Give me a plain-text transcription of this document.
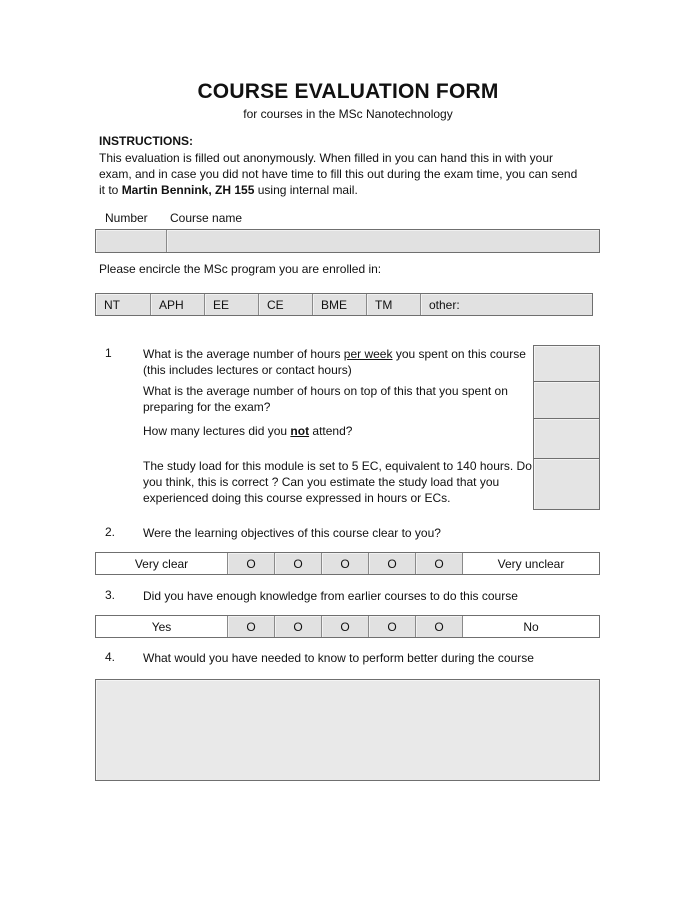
COURSE EVALUATION FORM
for courses in the MSc Nanotechnology
INSTRUCTIONS:

This evaluation is filled out anonymously. When filled in you can hand this in with your exam, and in case you did not have time to fill this out during the exam time, you can send it to Martin Bennink, ZH 155 using internal mail.

Number Course name
Please encircle the MSc program you are enrolled in:
NT	APH	EE	CE	BME	TM	other:
1	What is the average number of hours per week you spent on this course (this includes lectures or contact hours)

What is the average number of hours on top of this that you spent on preparing for the exam?

How many lectures did you not attend?

The study load for this module is set to 5 EC, equivalent to 140 hours. Do you think, this is correct ? Can you estimate the study load that you experienced doing this course expressed in hours or ECs.

2. Were the learning objectives of this course clear to you?

Very clear	O	O	O	O	O	Very unclear
3. Did you have enough knowledge from earlier courses to do this course

Yes	O	O	O	O	O	No
4. What would you have needed to know to perform better during the course
